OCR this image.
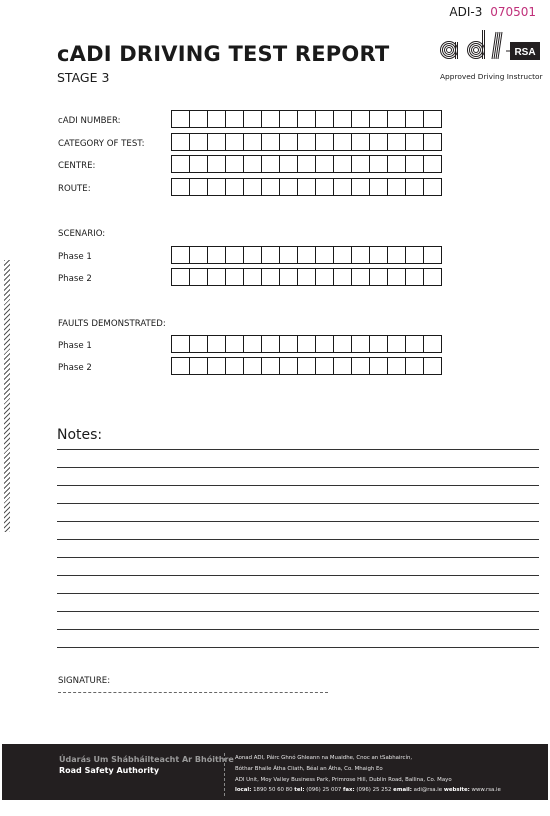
ADI-3 070501
cADI DRIVING TEST REPORT
STAGE 3
RSA
Approved Driving Instructor
cADI NUMBER:
CATEGORY OF TEST:
CENTRE:
ROUTE:
SCENARIO:
Phase 1
Phase 2
FAULTS DEMONSTRATED:
Phase 1
Phase 2
Notes:
SIGNATURE:
Údarás Um Shábháilteacht Ar Bhóithre
Road Safety Authority
Aonad ADI, Páirc Ghnó Ghleann na Muaidhe, Cnoc an tSabhaircín,
Bóthar Bhaile Átha Cliath, Béal an Átha, Co. Mhaigh Eo
ADI Unit, Moy Valley Business Park, Primrose Hill, Dublin Road, Ballina, Co. Mayo
local: 1890 50 60 80 tel: (096) 25 007 fax: (096) 25 252 email: adi@rsa.ie website: www.rsa.ie
